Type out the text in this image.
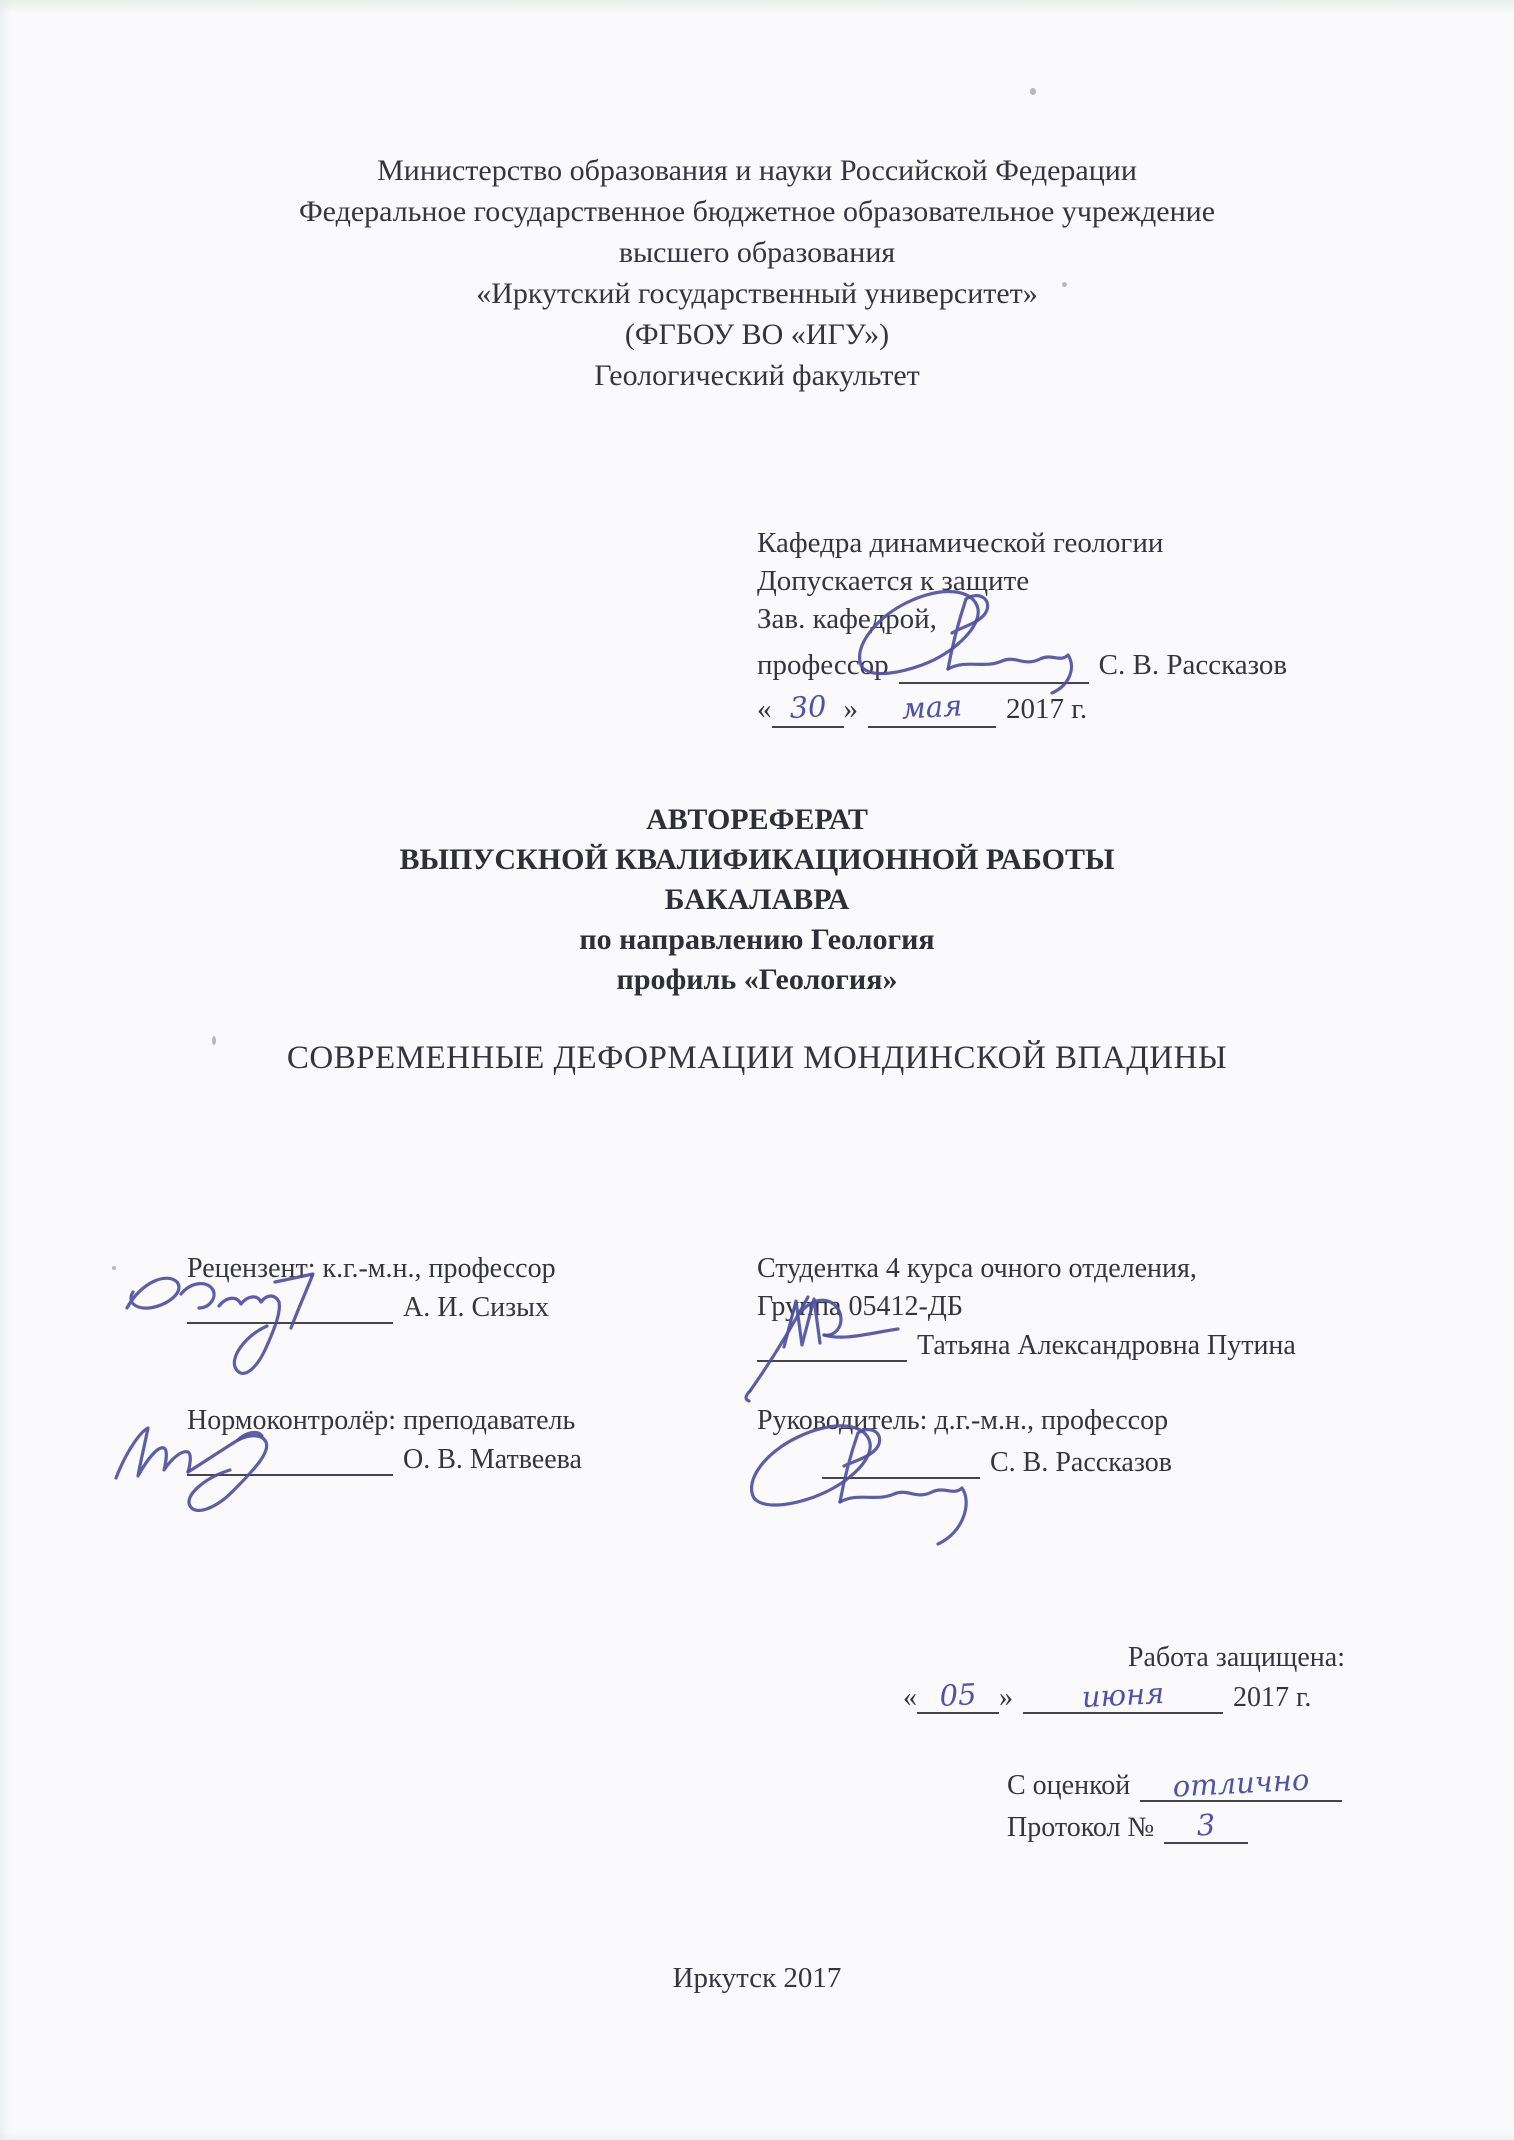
Министерство образования и науки Российской Федерации
Федеральное государственное бюджетное образовательное учреждение
высшего образования
«Иркутский государственный университет»
(ФГБОУ ВО «ИГУ»)
Геологический факультет
Кафедра динамической геологии
Допускается к защите
Зав. кафедрой,
профессор	С. В. Рассказов
« 30 »	мая	2017 г.
АВТОРЕФЕРАТ
ВЫПУСКНОЙ КВАЛИФИКАЦИОННОЙ РАБОТЫ
БАКАЛАВРА
по направлению Геология
профиль «Геология»
СОВРЕМЕННЫЕ ДЕФОРМАЦИИ МОНДИНСКОЙ ВПАДИНЫ
Рецензент: к.г.-м.н., профессор
А. И. Сизых
Студентка 4 курса очного отделения,
Группа 05412-ДБ
Татьяна Александровна Путина
Нормоконтролёр: преподаватель
О. В. Матвеева
Руководитель: д.г.-м.н., профессор
С. В. Рассказов
Работа защищена:
« 05 »	июня	2017 г.
С оценкой	отлично
Протокол №	3
Иркутск 2017
